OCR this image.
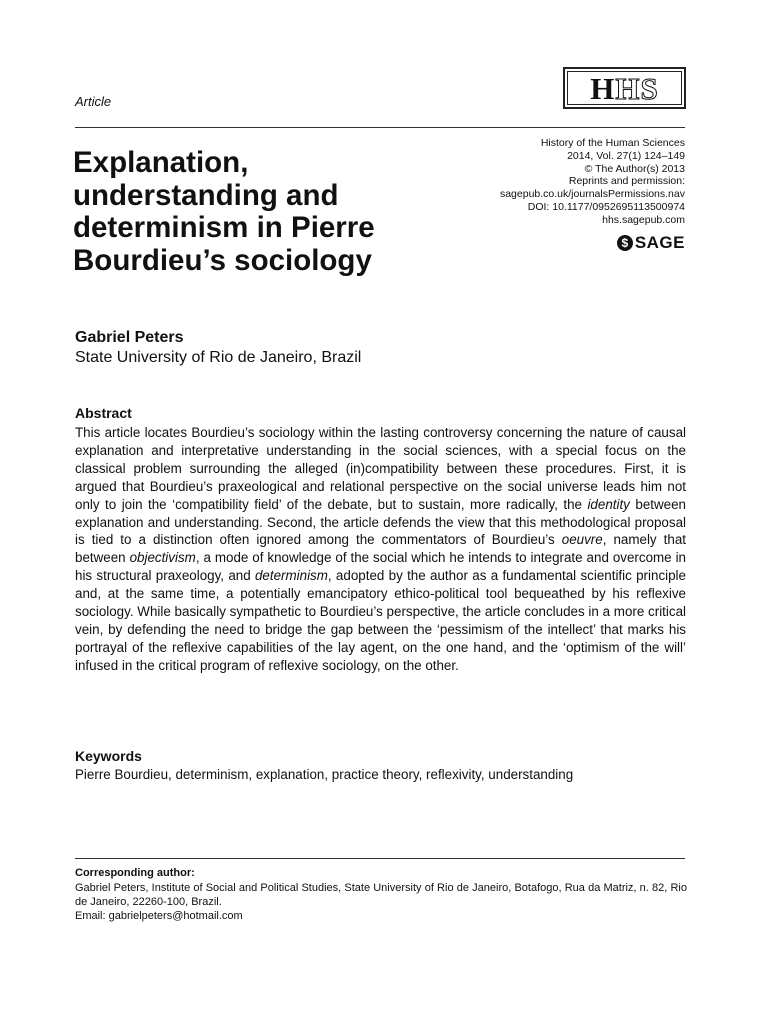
Article	H HS
History of the Human Sciences
2014, Vol. 27(1) 124–149
© The Author(s) 2013
Reprints and permission:
sagepub.co.uk/journalsPermissions.nav
DOI: 10.1177/0952695113500974
hhs.sagepub.com
$ SAGE
Explanation, understanding and determinism in Pierre Bourdieu’s sociology
Gabriel Peters
State University of Rio de Janeiro, Brazil
Abstract

This article locates Bourdieu’s sociology within the lasting controversy concerning the nature of causal explanation and interpretative understanding in the social sciences, with a special focus on the classical problem surrounding the alleged (in)compatibility between these procedures. First, it is argued that Bourdieu’s praxeological and relational perspective on the social universe leads him not only to join the ‘compatibility field’ of the debate, but to sustain, more radically, the identity between explanation and understanding. Second, the article defends the view that this methodological proposal is tied to a distinction often ignored among the commentators of Bourdieu’s oeuvre, namely that between objectivism, a mode of knowledge of the social which he intends to integrate and overcome in his structural praxeology, and determinism, adopted by the author as a fundamental scientific principle and, at the same time, a potentially emancipatory ethico-political tool bequeathed by his reflexive sociology. While basically sympathetic to Bourdieu’s perspective, the article concludes in a more critical vein, by defending the need to bridge the gap between the ‘pessimism of the intellect’ that marks his portrayal of the reflexive capabilities of the lay agent, on the one hand, and the ‘optimism of the will’ infused in the critical program of reflexive sociology, on the other.

Keywords
Pierre Bourdieu, determinism, explanation, practice theory, reflexivity, understanding
Corresponding author:
Gabriel Peters, Institute of Social and Political Studies, State University of Rio de Janeiro, Botafogo, Rua da Matriz, n. 82, Rio de Janeiro, 22260-100, Brazil.
Email: gabrielpeters@hotmail.com
